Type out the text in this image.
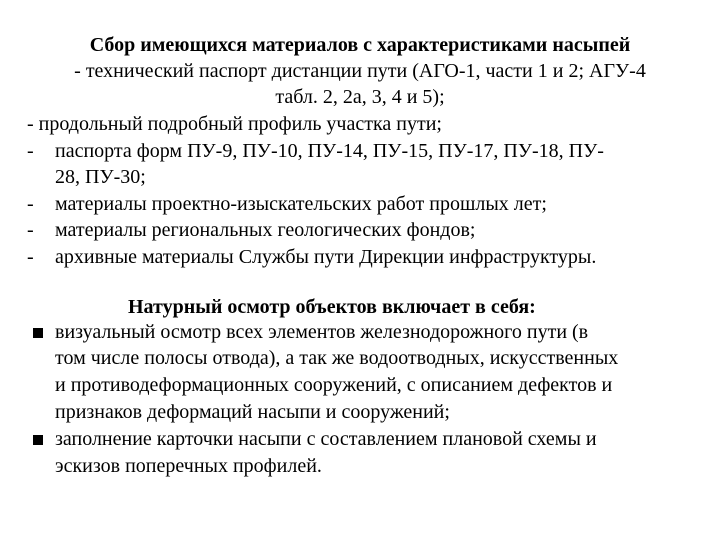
Сбор имеющихся материалов с характеристиками насыпей
- технический паспорт дистанции пути (АГО-1, части 1 и 2; АГУ-4
табл. 2, 2а, 3, 4 и 5);
- продольный подробный профиль участка пути;
- паспорта форм ПУ-9, ПУ-10, ПУ-14, ПУ-15, ПУ-17, ПУ-18, ПУ-
28, ПУ-30;
- материалы проектно-изыскательских работ прошлых лет;
- материалы региональных геологических фондов;
- архивные материалы Службы пути Дирекции инфраструктуры.
Натурный осмотр объектов включает в себя:
визуальный осмотр всех элементов железнодорожного пути (в
том числе полосы отвода), а так же водоотводных, искусственных
и противодеформационных сооружений, с описанием дефектов и
признаков деформаций насыпи и сооружений;
заполнение карточки насыпи с составлением плановой схемы и
эскизов поперечных профилей.
